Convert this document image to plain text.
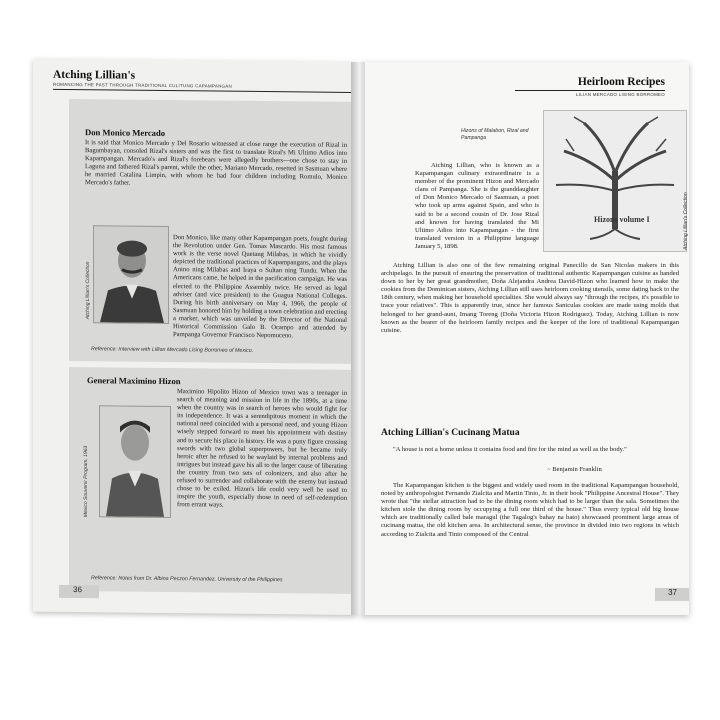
Atching Lillian's
ROMANCING THE PAST THROUGH TRADITIONAL CULITUNG CAPAMPANGAN
Don Monico Mercado
It is said that Monico Mercado y Del Rosario witnessed at close range the execution of Rizal in Bagumbayan, consoled Rizal's sisters and was the first to translate Rizal's Mi Ultimo Adios into Kapampangan. Mercado's and Rizal's forebears were allegedly brothers—one chose to stay in Laguna and fathered Rizal's parent, while the other, Mariano Mercado, resetted in Sasmuan where he married Catalina Limpin, with whom he had four children including Romulo, Monico Mercado's father.
Atching Lillian's Collection
Don Monico, like many other Kapampangan poets, fought during the Revolution under Gen. Tomas Mascardo. His most famous work is the verse novel Quetang Milabas, in which he vividly depicted the traditional practices of Kapampangans, and the plays Anino ning Milabas and Iraya o Sultan ning Tundu. When the Americans came, he helped in the pacification campaign. He was elected to the Philippine Assembly twice. He served as legal adviser (and vice president) to the Guagua National Colleges. During his birth anniversary on May 4, 1966, the people of Sasmuan honored him by holding a town celebration and erecting a marker, which was unveiled by the Director of the National Historical Commission Galo B. Ocampo and attended by Pampanga Governor Francisco Nepomuceno.
Reference: Interview with Lillian Mercado Lising Borromeo of Mexico.
General Maximino Hizon
Mexico Souvenir Program, 1963
Maximino Hipolito Hizon of Mexico town was a teenager in search of meaning and mission in life in the 1890s, at a time when the country was in search of heroes who would fight for its independence. It was a serendipitous moment in which the national need coincided with a personal need, and young Hizon wisely stepped forward to meet his appointment with destiny and to secure his place in history. He was a puny figure crossing swords with two global superpowers, but he became truly heroic after he refused to be waylaid by internal problems and intrigues but instead gave his all to the larger cause of liberating the country from two sets of colonizers, and also after he refused to surrender and collaborate with the enemy but instead chose to be exiled. Hizon's life could very well be used to inspire the youth, especially those in need of self-redemption from errant ways.
Reference: Notes from Dr. Albina Peczon Fernandez, University of the Philippines
36
Heirloom Recipes
LILIAN MERCADO LISING BORROMEO
Hizons of Malabon, Rizal and Pampanga
Hizons volume I	Atching Lillian's Collection
Atching Lillian, who is known as a Kapampangan culinary extraordinaire is a member of the prominent Hizon and Mercado clans of Pampanga. She is the granddaughter of Don Monico Mercado of Sasmuan, a poet who took up arms against Spain, and who is said to be a second cousin of Dr. Jose Rizal and known for having translated the Mi Ultimo Adios into Kapampangan - the first translated version in a Philippine language January 5, 1898.
Atching Lillian is also one of the few remaining original Panecillo de San Nicolas makers in this archipelago. In the pursuit of ensuring the preservation of traditional authentic Kapampangan cuisine as handed down to her by her great grandmother, Doña Alejandra Andrea David-Hizon who learned how to make the cookies from the Dominican sisters, Atching Lillian still uses heirloom cooking utensils, some dating back to the 18th century, when making her household specialties. She would always say "through the recipes, it's possible to trace your relatives". This is apparently true, since her famous Saniculas cookies are made using molds that belonged to her grand-aunt, Imang Toreng (Doña Victoria Hizon Rodriguez). Today, Atching Lillian is now known as the bearer of the heirloom family recipes and the keeper of the lore of traditional Kapampangan cuisine.
Atching Lillian's Cucinang Matua
"A house is not a home unless it contains food and fire for the mind as well as the body."
~ Benjamin Franklin
The Kapampangan kitchen is the biggest and widely used room in the traditional Kapampangan household, noted by anthropologist Fernando Zialcita and Martin Tinio, Jr. in their book "Philippine Ancestral House". They wrote that "the stellar attraction had to be the dining room which had to be larger than the sala. Sometimes the kitchen stole the dining room by occupying a full one third of the house." Thus every typical old big house which are traditionally called bale maragul (the Tagalog's bahay na bato) showcased prominent large areas of cucinang matua, the old kitchen area. In architectural sense, the province in divided into two regions in which according to Zialcita and Tinio composed of the Central
37
